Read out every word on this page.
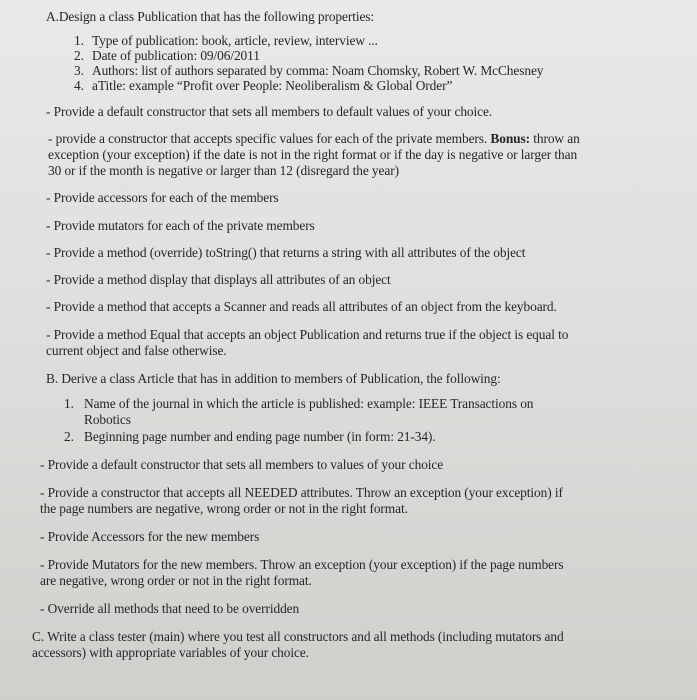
A.Design a class Publication that has the following properties:
1. Type of publication: book, article, review, interview ...
2. Date of publication: 09/06/2011
3. Authors: list of authors separated by comma: Noam Chomsky, Robert W. McChesney
4. aTitle: example “Profit over People: Neoliberalism & Global Order”
- Provide a default constructor that sets all members to default values of your choice.
- provide a constructor that accepts specific values for each of the private members. Bonus: throw an
exception (your exception) if the date is not in the right format or if the day is negative or larger than
30 or if the month is negative or larger than 12 (disregard the year)
- Provide accessors for each of the members
- Provide mutators for each of the private members
- Provide a method (override) toString() that returns a string with all attributes of the object
- Provide a method display that displays all attributes of an object
- Provide a method that accepts a Scanner and reads all attributes of an object from the keyboard.
- Provide a method Equal that accepts an object Publication and returns true if the object is equal to
current object and false otherwise.
B. Derive a class Article that has in addition to members of Publication, the following:
1. Name of the journal in which the article is published: example: IEEE Transactions on
Robotics
2. Beginning page number and ending page number (in form: 21-34).
- Provide a default constructor that sets all members to values of your choice
- Provide a constructor that accepts all NEEDED attributes. Throw an exception (your exception) if
the page numbers are negative, wrong order or not in the right format.
- Provide Accessors for the new members
- Provide Mutators for the new members. Throw an exception (your exception) if the page numbers
are negative, wrong order or not in the right format.
- Override all methods that need to be overridden
C. Write a class tester (main) where you test all constructors and all methods (including mutators and
accessors) with appropriate variables of your choice.
